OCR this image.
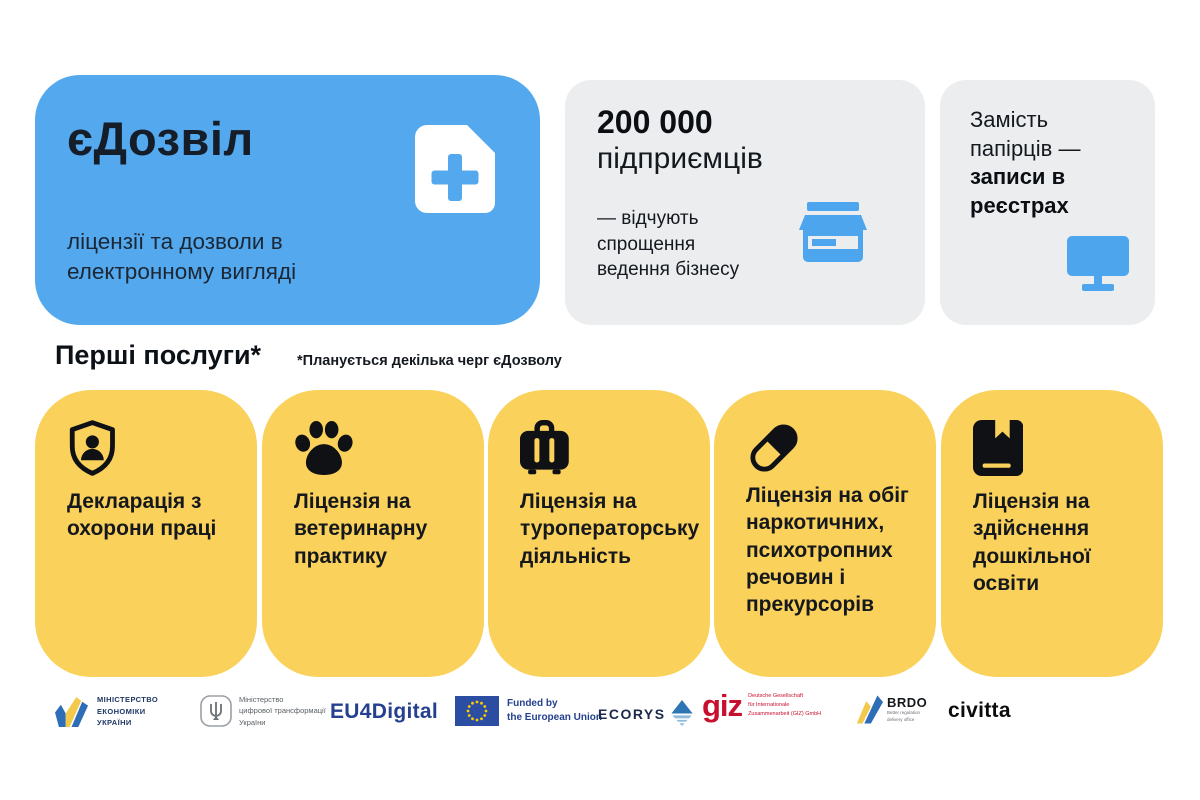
єДозвіл
ліцензії та дозволи в електронному вигляді
200 000
підприємців
— відчують спрощення ведення бізнесу
Замість папірців — записи в реєстрах
Перші послуги* *Планується декілька черг єДозволу
Декларація з охорони праці
Ліцензія на ветеринарну практику
Ліцензія на туроператорську діяльність
Ліцензія на обіг наркотичних, психотропних речовин і прекурсорів
Ліцензія на здійснення дошкільної освіти
МІНІСТЕРСТВО
ЕКОНОМІКИ
УКРАЇНИ
Міністерство
цифрової трансформації
України	EU4Digital	Funded by
the European Union
ECORYS giz Deutsche Gesellschaft
für Internationale
Zusammenarbeit (GIZ) GmbH
BRDO
Better regulation
delivery office	civitta
